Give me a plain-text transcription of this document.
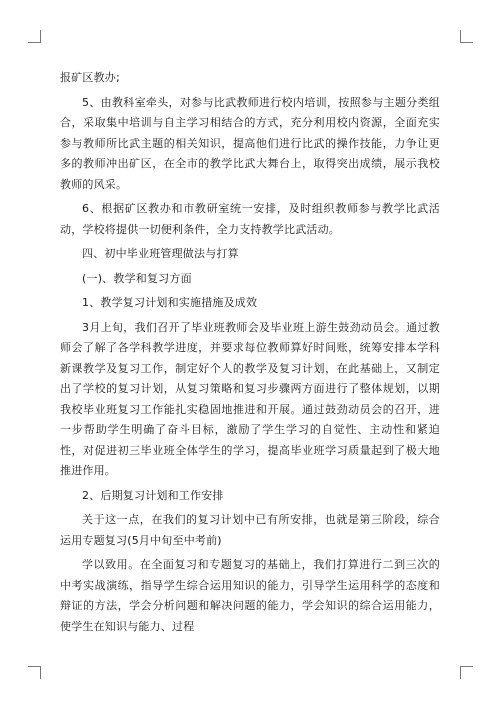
报矿区教办;

5、由教科室牵头，对参与比武教师进行校内培训，按照参与主题分类组合，采取集中培训与自主学习相结合的方式，充分利用校内资源，全面充实参与教师所比武主题的相关知识，提高他们进行比武的操作技能，力争让更多的教师冲出矿区，在全市的教学比武大舞台上，取得突出成绩，展示我校教师的风采。

6、根据矿区教办和市教研室统一安排，及时组织教师参与教学比武活动，学校将提供一切便利条件，全力支持教学比武活动。

四、初中毕业班管理做法与打算

(一)、教学和复习方面

1、教学复习计划和实施措施及成效

3月上旬，我们召开了毕业班教师会及毕业班上游生鼓劲动员会。通过教师会了解了各学科教学进度，并要求每位教师算好时间账，统筹安排本学科新课教学及复习工作，制定好个人的教学及复习计划，在此基础上，又制定出了学校的复习计划，从复习策略和复习步骤两方面进行了整体规划，以期我校毕业班复习工作能扎实稳固地推进和开展。通过鼓劲动员会的召开，进一步帮助学生明确了奋斗目标，激励了学生学习的自觉性、主动性和紧迫性，对促进初三毕业班全体学生的学习，提高毕业班学习质量起到了极大地推进作用。

2、后期复习计划和工作安排

关于这一点，在我们的复习计划中已有所安排，也就是第三阶段，综合运用专题复习(5月中旬至中考前)

学以致用。在全面复习和专题复习的基础上，我们打算进行二到三次的中考实战演练，指导学生综合运用知识的能力，引导学生运用科学的态度和辩证的方法，学会分析问题和解决问题的能力，学会知识的综合运用能力，使学生在知识与能力、过程
